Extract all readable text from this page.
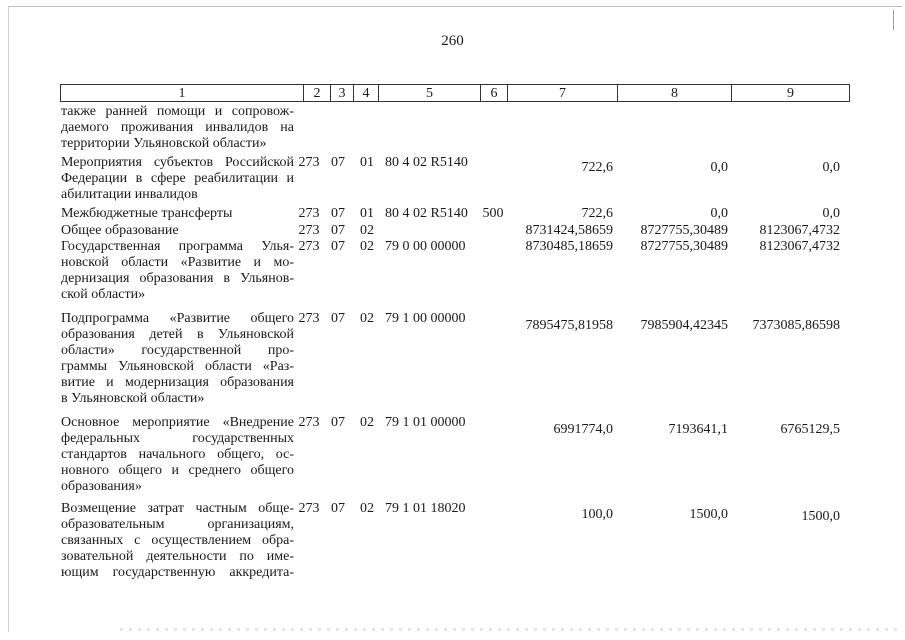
260
1	2	3	4	5	6	7	8	9
также ранней помощи и сопровож-
даемого проживания инвалидов на
территории Ульяновской области»
Мероприятия субъектов Российской
Федерации в сфере реабилитации и
абилитации инвалидов
273 07 01 80 4 02 R5140	722,6	0,0	0,0
Межбюджетные трансферты	273 07 01 80 4 02 R5140	500	722,6	0,0	0,0
Общее образование	273 07 02	8731424,58659	8727755,30489	8123067,4732
Государственная программа Улья-
новской области «Развитие и мо-
дернизация образования в Ульянов-
ской области»
273 07 02 79 0 00 00000	8730485,18659	8727755,30489	8123067,4732
Подпрограмма «Развитие общего
образования детей в Ульяновской
области» государственной про-
граммы Ульяновской области «Раз-
витие и модернизация образования
в Ульяновской области»
273 07 02 79 1 00 00000	7895475,81958	7985904,42345	7373085,86598
Основное мероприятие «Внедрение
федеральных государственных
стандартов начального общего, ос-
новного общего и среднего общего
образования»
273 07 02 79 1 01 00000	6991774,0	7193641,1	6765129,5
Возмещение затрат частным обще-
образовательным организациям,
связанных с осуществлением обра-
зовательной деятельности по име-
ющим государственную аккредита-
273 07 02 79 1 01 18020	100,0	1500,0	1500,0
